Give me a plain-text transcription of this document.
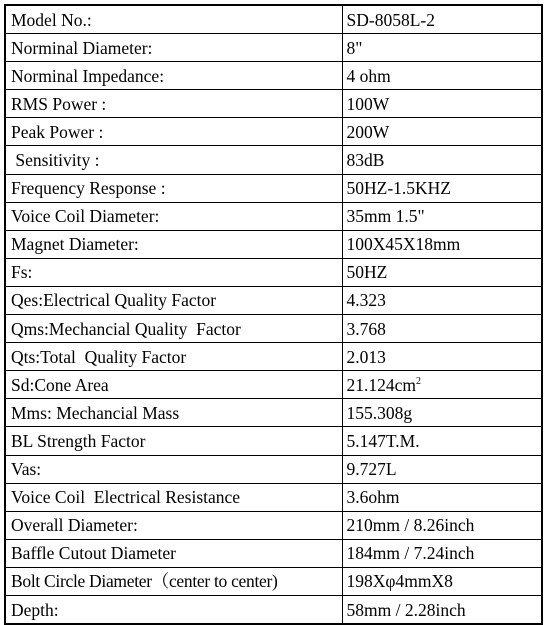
Model No.:	SD-8058L-2
Norminal Diameter:	8"
Norminal Impedance:	4 ohm
RMS Power :	100W
Peak Power :	200W
Sensitivity :	83dB
Frequency Response :	50HZ-1.5KHZ
Voice Coil Diameter:	35mm 1.5"
Magnet Diameter:	100X45X18mm
Fs:	50HZ
Qes:Electrical Quality Factor	4.323
Qms:Mechancial Quality  Factor	3.768
Qts:Total  Quality Factor	2.013
Sd:Cone Area	$21.124cm^2$
Mms: Mechancial Mass	155.308g
BL Strength Factor	5.147T.M.
Vas:	9.727L
Voice Coil  Electrical Resistance	3.6ohm
Overall Diameter:	210mm / 8.26inch
Baffle Cutout Diameter	184mm / 7.24inch
Bolt Circle Diameter（center to center)	198Xφ4mmX8
Depth:	58mm / 2.28inch
